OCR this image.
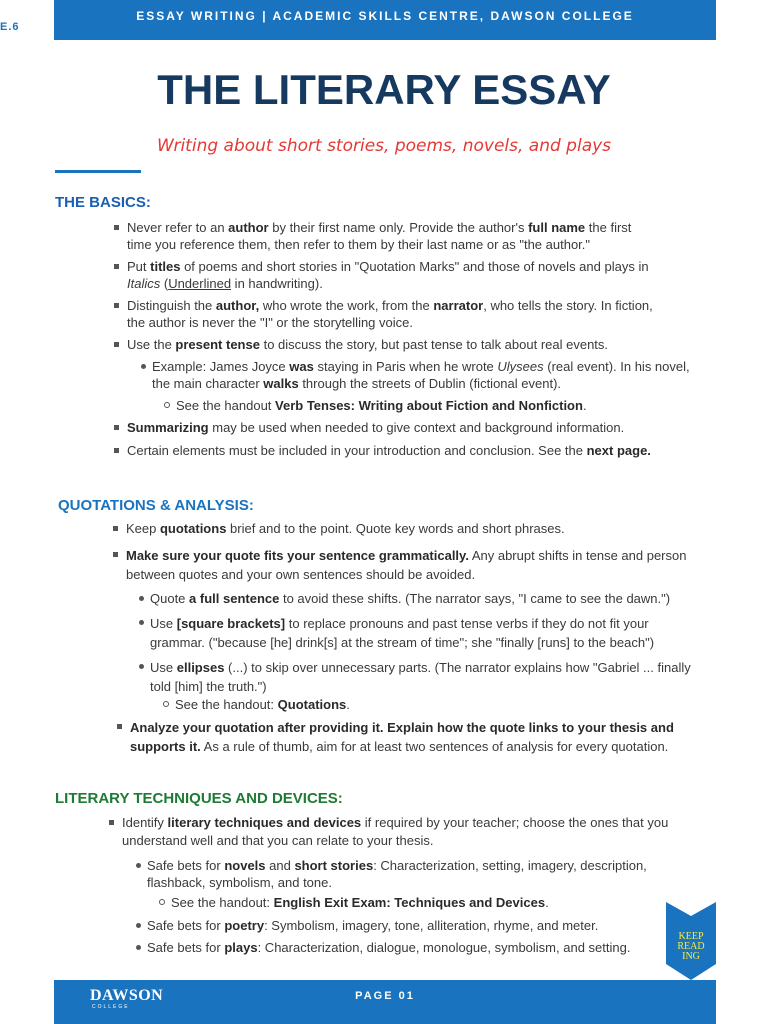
ESSAY WRITING | ACADEMIC SKILLS CENTRE, DAWSON COLLEGE
E.6
THE LITERARY ESSAY
Writing about short stories, poems, novels, and plays
THE BASICS:
Never refer to an author by their first name only. Provide the author's full name the first
time you reference them, then refer to them by their last name or as "the author."
Put titles of poems and short stories in "Quotation Marks" and those of novels and plays in
Italics (Underlined in handwriting).
Distinguish the author, who wrote the work, from the narrator, who tells the story. In fiction,
the author is never the "I" or the storytelling voice.
Use the present tense to discuss the story, but past tense to talk about real events.
Example: James Joyce was staying in Paris when he wrote Ulysees (real event). In his novel,
the main character walks through the streets of Dublin (fictional event).
See the handout Verb Tenses: Writing about Fiction and Nonfiction.
Summarizing may be used when needed to give context and background information.
Certain elements must be included in your introduction and conclusion. See the next page.
QUOTATIONS & ANALYSIS:
Keep quotations brief and to the point. Quote key words and short phrases.
Make sure your quote fits your sentence grammatically. Any abrupt shifts in tense and person
between quotes and your own sentences should be avoided.
Quote a full sentence to avoid these shifts. (The narrator says, "I came to see the dawn.")
Use [square brackets] to replace pronouns and past tense verbs if they do not fit your
grammar. ("because [he] drink[s] at the stream of time"; she "finally [runs] to the beach")
Use ellipses (...) to skip over unnecessary parts. (The narrator explains how "Gabriel ... finally
told [him] the truth.")
See the handout: Quotations.
Analyze your quotation after providing it. Explain how the quote links to your thesis and
supports it. As a rule of thumb, aim for at least two sentences of analysis for every quotation.
LITERARY TECHNIQUES AND DEVICES:
Identify literary techniques and devices if required by your teacher; choose the ones that you
understand well and that you can relate to your thesis.
Safe bets for novels and short stories: Characterization, setting, imagery, description,
flashback, symbolism, and tone.
See the handout: English Exit Exam: Techniques and Devices.
Safe bets for poetry: Symbolism, imagery, tone, alliteration, rhyme, and meter.
Safe bets for plays: Characterization, dialogue, monologue, symbolism, and setting.
KEEP
READ
ING
DAWSON
COLLEGE
PAGE 01
